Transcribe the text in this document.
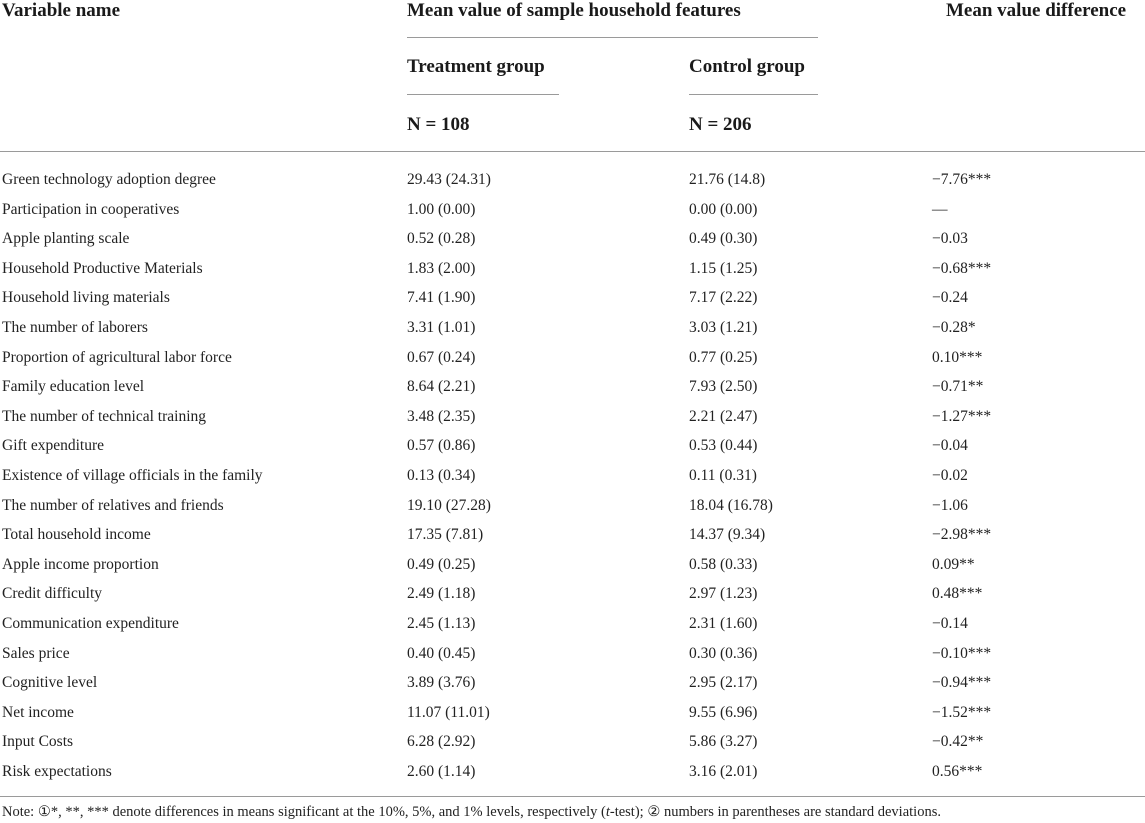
Variable name	Mean value of sample household features	Mean value difference
Treatment group	Control group
N = 108	N = 206
Green technology adoption degree	29.43 (24.31)	21.76 (14.8)	−7.76***
Participation in cooperatives	1.00 (0.00)	0.00 (0.00)	—
Apple planting scale	0.52 (0.28)	0.49 (0.30)	−0.03
Household Productive Materials	1.83 (2.00)	1.15 (1.25)	−0.68***
Household living materials	7.41 (1.90)	7.17 (2.22)	−0.24
The number of laborers	3.31 (1.01)	3.03 (1.21)	−0.28*
Proportion of agricultural labor force	0.67 (0.24)	0.77 (0.25)	0.10***
Family education level	8.64 (2.21)	7.93 (2.50)	−0.71**
The number of technical training	3.48 (2.35)	2.21 (2.47)	−1.27***
Gift expenditure	0.57 (0.86)	0.53 (0.44)	−0.04
Existence of village officials in the family	0.13 (0.34)	0.11 (0.31)	−0.02
The number of relatives and friends	19.10 (27.28)	18.04 (16.78)	−1.06
Total household income	17.35 (7.81)	14.37 (9.34)	−2.98***
Apple income proportion	0.49 (0.25)	0.58 (0.33)	0.09**
Credit difficulty	2.49 (1.18)	2.97 (1.23)	0.48***
Communication expenditure	2.45 (1.13)	2.31 (1.60)	−0.14
Sales price	0.40 (0.45)	0.30 (0.36)	−0.10***
Cognitive level	3.89 (3.76)	2.95 (2.17)	−0.94***
Net income	11.07 (11.01)	9.55 (6.96)	−1.52***
Input Costs	6.28 (2.92)	5.86 (3.27)	−0.42**
Risk expectations	2.60 (1.14)	3.16 (2.01)	0.56***
Note: ①*, **, *** denote differences in means significant at the 10%, 5%, and 1% levels, respectively (t-test); ② numbers in parentheses are standard deviations.
